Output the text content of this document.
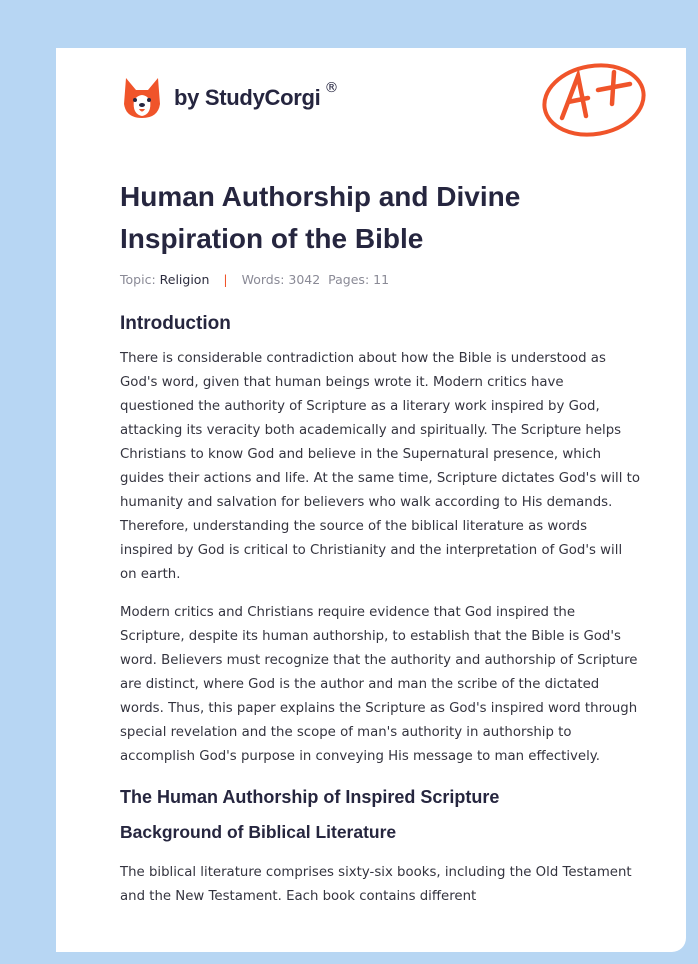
by StudyCorgi ®
Human Authorship and Divine Inspiration of the Bible
Topic: Religion | Words: 3042 Pages: 11
Introduction

There is considerable contradiction about how the Bible is understood as God's word, given that human beings wrote it. Modern critics have questioned the authority of Scripture as a literary work inspired by God, attacking its veracity both academically and spiritually. The Scripture helps Christians to know God and believe in the Supernatural presence, which guides their actions and life. At the same time, Scripture dictates God's will to humanity and salvation for believers who walk according to His demands. Therefore, understanding the source of the biblical literature as words inspired by God is critical to Christianity and the interpretation of God's will on earth.

Modern critics and Christians require evidence that God inspired the Scripture, despite its human authorship, to establish that the Bible is God's word. Believers must recognize that the authority and authorship of Scripture are distinct, where God is the author and man the scribe of the dictated words. Thus, this paper explains the Scripture as God's inspired word through special revelation and the scope of man's authority in authorship to accomplish God's purpose in conveying His message to man effectively.

The Human Authorship of Inspired Scripture
Background of Biblical Literature

The biblical literature comprises sixty-six books, including the Old Testament and the New Testament. Each book contains different
